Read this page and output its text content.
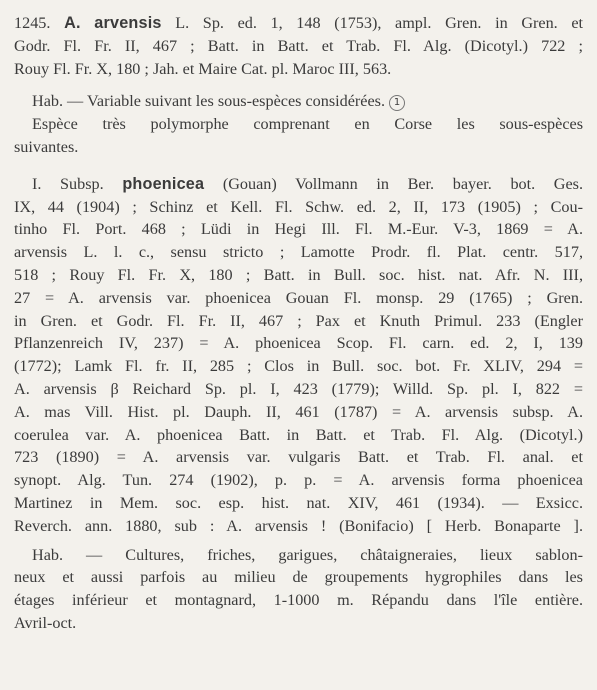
1245. A. arvensis L. Sp. ed. 1, 148 (1753), ampl. Gren. in Gren. et
Godr. Fl. Fr. II, 467 ; Batt. in Batt. et Trab. Fl. Alg. (Dicotyl.) 722 ;
Rouy Fl. Fr. X, 180 ; Jah. et Maire Cat. pl. Maroc III, 563.
Hab. — Variable suivant les sous-espèces considérées. 1
Espèce très polymorphe comprenant en Corse les sous-espèces
suivantes.
I. Subsp. phoenicea (Gouan) Vollmann in Ber. bayer. bot. Ges.
IX, 44 (1904) ; Schinz et Kell. Fl. Schw. ed. 2, II, 173 (1905) ; Cou-
tinho Fl. Port. 468 ; Lüdi in Hegi Ill. Fl. M.-Eur. V-3, 1869 = A.
arvensis L. l. c., sensu stricto ; Lamotte Prodr. fl. Plat. centr. 517,
518 ; Rouy Fl. Fr. X, 180 ; Batt. in Bull. soc. hist. nat. Afr. N. III,
27 = A. arvensis var. phoenicea Gouan Fl. monsp. 29 (1765) ; Gren.
in Gren. et Godr. Fl. Fr. II, 467 ; Pax et Knuth Primul. 233 (Engler
Pflanzenreich IV, 237) = A. phoenicea Scop. Fl. carn. ed. 2, I, 139
(1772); Lamk Fl. fr. II, 285 ; Clos in Bull. soc. bot. Fr. XLIV, 294 =
A. arvensis β Reichard Sp. pl. I, 423 (1779); Willd. Sp. pl. I, 822 =
A. mas Vill. Hist. pl. Dauph. II, 461 (1787) = A. arvensis subsp. A.
coerulea var. A. phoenicea Batt. in Batt. et Trab. Fl. Alg. (Dicotyl.)
723 (1890) = A. arvensis var. vulgaris Batt. et Trab. Fl. anal. et
synopt. Alg. Tun. 274 (1902), p. p. = A. arvensis forma phoenicea
Martinez in Mem. soc. esp. hist. nat. XIV, 461 (1934). — Exsicc.
Reverch. ann. 1880, sub : A. arvensis ! (Bonifacio) [ Herb. Bonaparte ].
Hab. — Cultures, friches, garigues, châtaigneraies, lieux sablon-
neux et aussi parfois au milieu de groupements hygrophiles dans les
étages inférieur et montagnard, 1-1000 m. Répandu dans l'île entière.
Avril-oct.
